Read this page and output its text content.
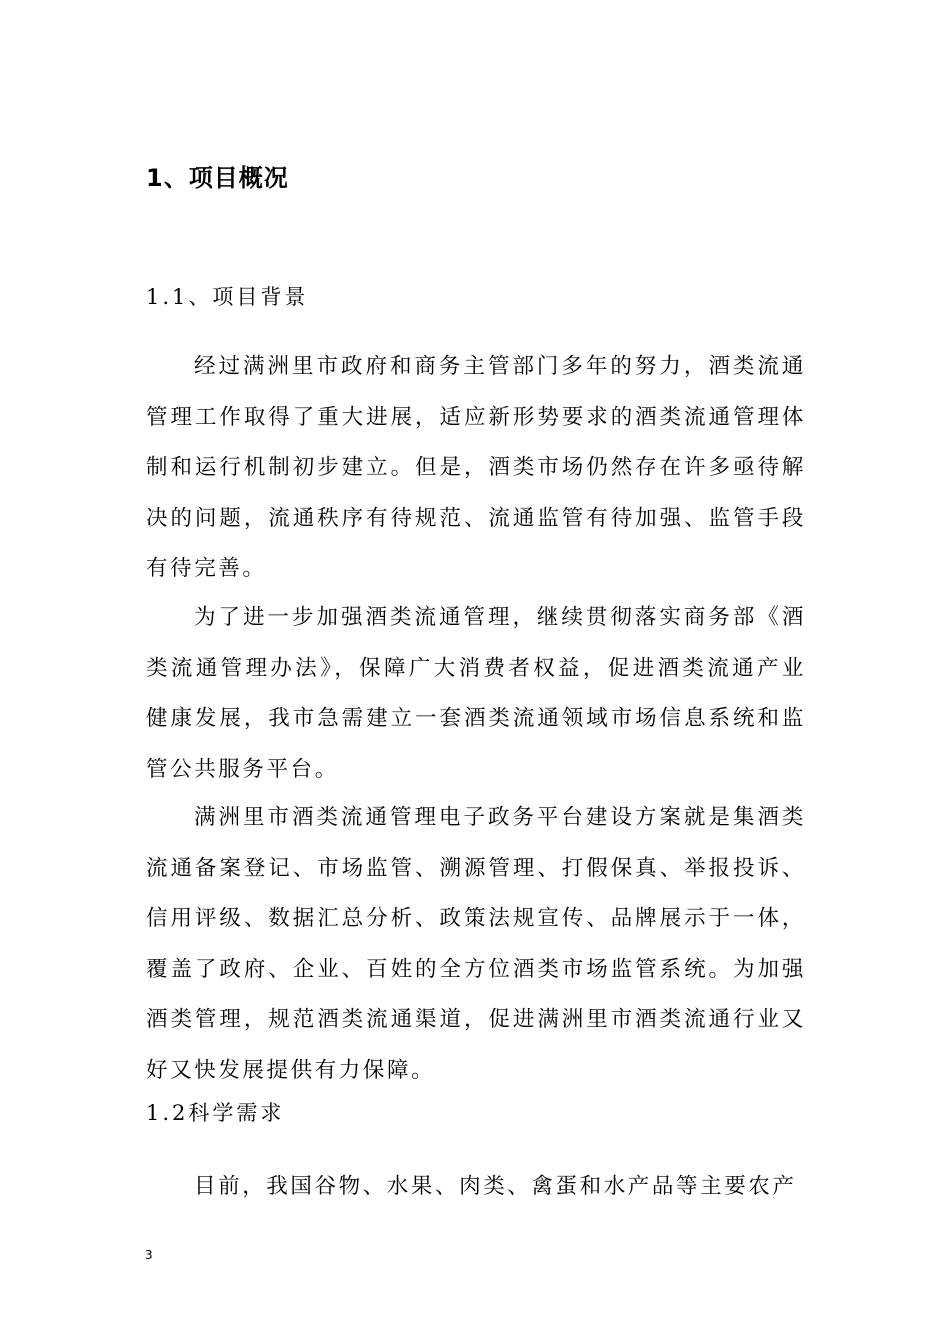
1、项目概况
1.1、项目背景

经过满洲里市政府和商务主管部门多年的努力，酒类流通管理工作取得了重大进展，适应新形势要求的酒类流通管理体制和运行机制初步建立。但是，酒类市场仍然存在许多亟待解决的问题，流通秩序有待规范、流通监管有待加强、监管手段有待完善。

为了进一步加强酒类流通管理，继续贯彻落实商务部《酒类流通管理办法》，保障广大消费者权益，促进酒类流通产业健康发展，我市急需建立一套酒类流通领域市场信息系统和监管公共服务平台。

满洲里市酒类流通管理电子政务平台建设方案就是集酒类流通备案登记、市场监管、溯源管理、打假保真、举报投诉、信用评级、数据汇总分析、政策法规宣传、品牌展示于一体，覆盖了政府、企业、百姓的全方位酒类市场监管系统。为加强酒类管理，规范酒类流通渠道，促进满洲里市酒类流通行业又好又快发展提供有力保障。

1.2科学需求

目前，我国谷物、水果、肉类、禽蛋和水产品等主要农产

3
